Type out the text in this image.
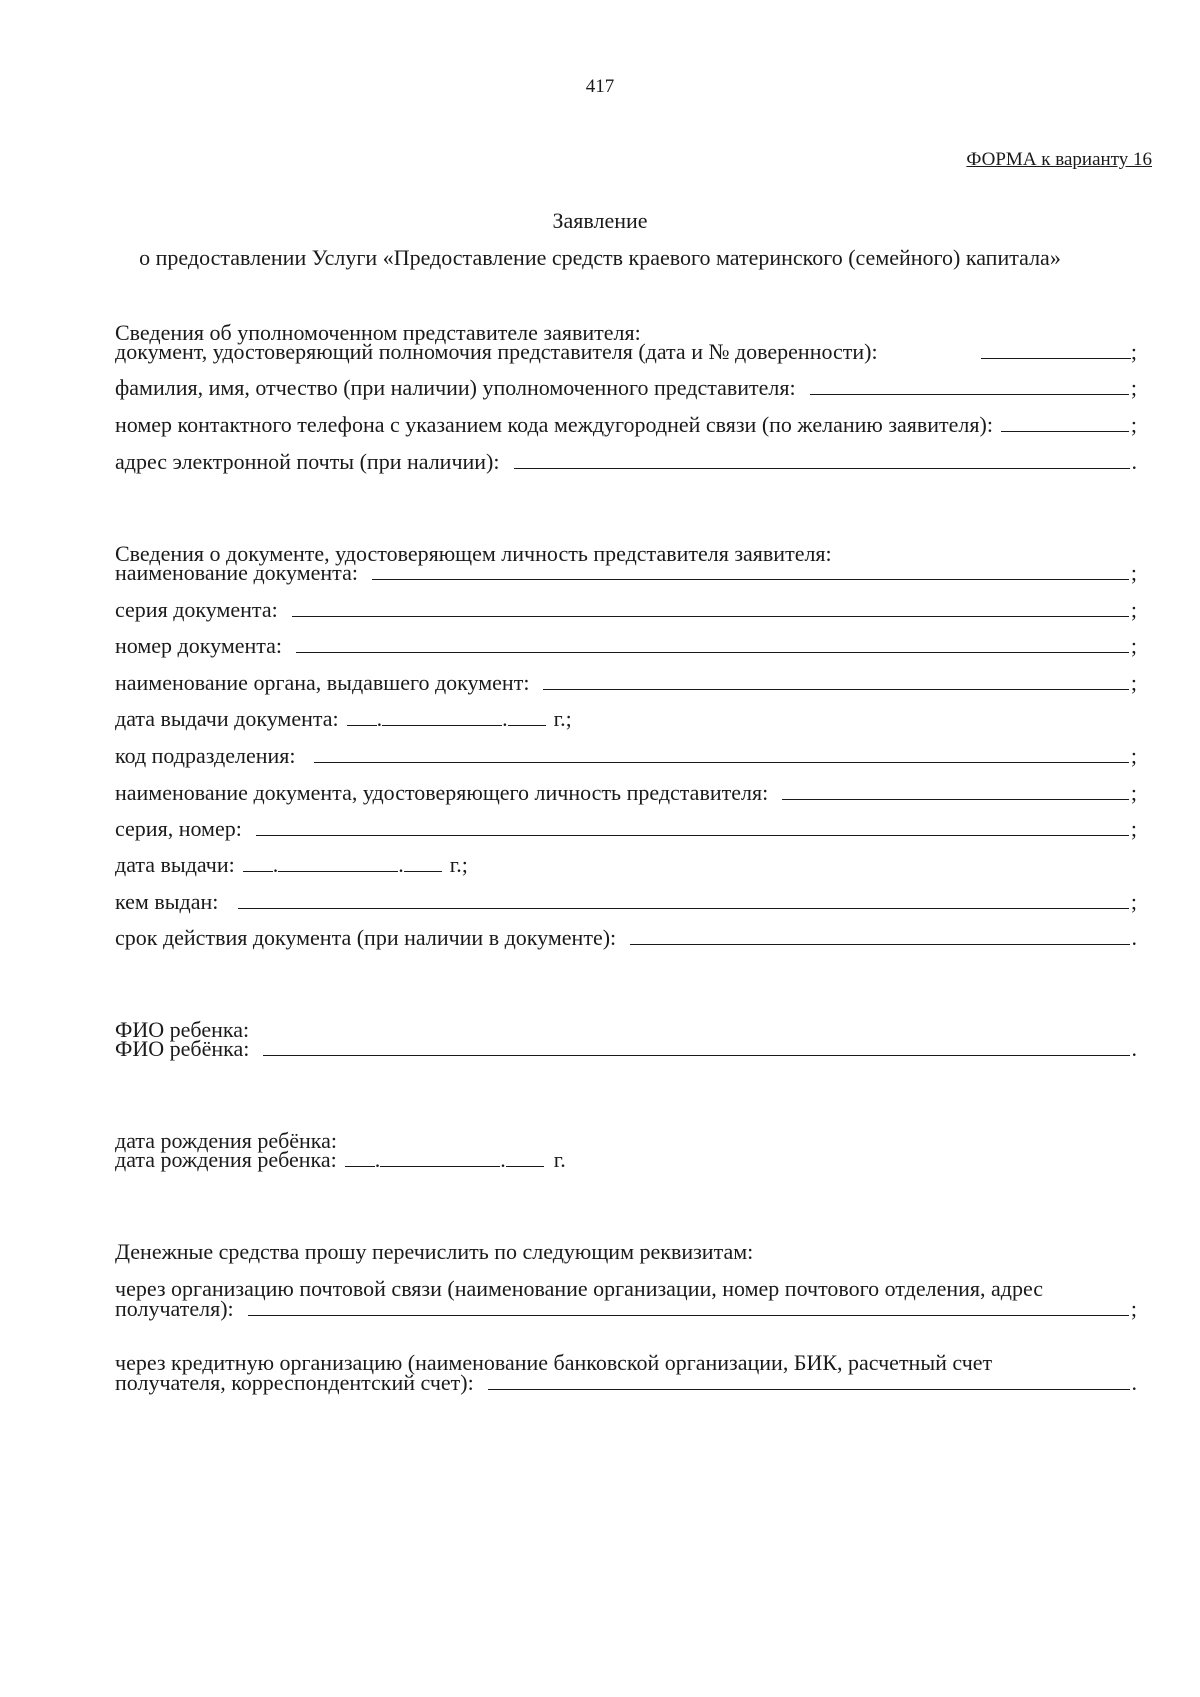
417
ФОРМА к варианту 16
Заявление
о предоставлении Услуги «Предоставление средств краевого материнского (семейного) капитала»
Сведения об уполномоченном представителе заявителя:
документ, удостоверяющий полномочия представителя (дата и № доверенности):	;
фамилия, имя, отчество (при наличии) уполномоченного представителя:	;
номер контактного телефона с указанием кода междугородней связи (по желанию заявителя):	;
адрес электронной почты (при наличии):	.
Сведения о документе, удостоверяющем личность представителя заявителя:
наименование документа:	;
серия документа:	;
номер документа:	;
наименование органа, выдавшего документ:	;
дата выдачи документа: .	. г.;
код подразделения:	;
наименование документа, удостоверяющего личность представителя:	;
серия, номер:	;
дата выдачи: .	. г.;
кем выдан:	;
срок действия документа (при наличии в документе):	.
ФИО ребенка:
ФИО ребёнка:	.
дата рождения ребёнка:
дата рождения ребенка: .	. г.
Денежные средства прошу перечислить по следующим реквизитам:
через организацию почтовой связи (наименование организации, номер почтового отделения, адрес
получателя):	;
через кредитную организацию (наименование банковской организации, БИК, расчетный счет
получателя, корреспондентский счет):	.
